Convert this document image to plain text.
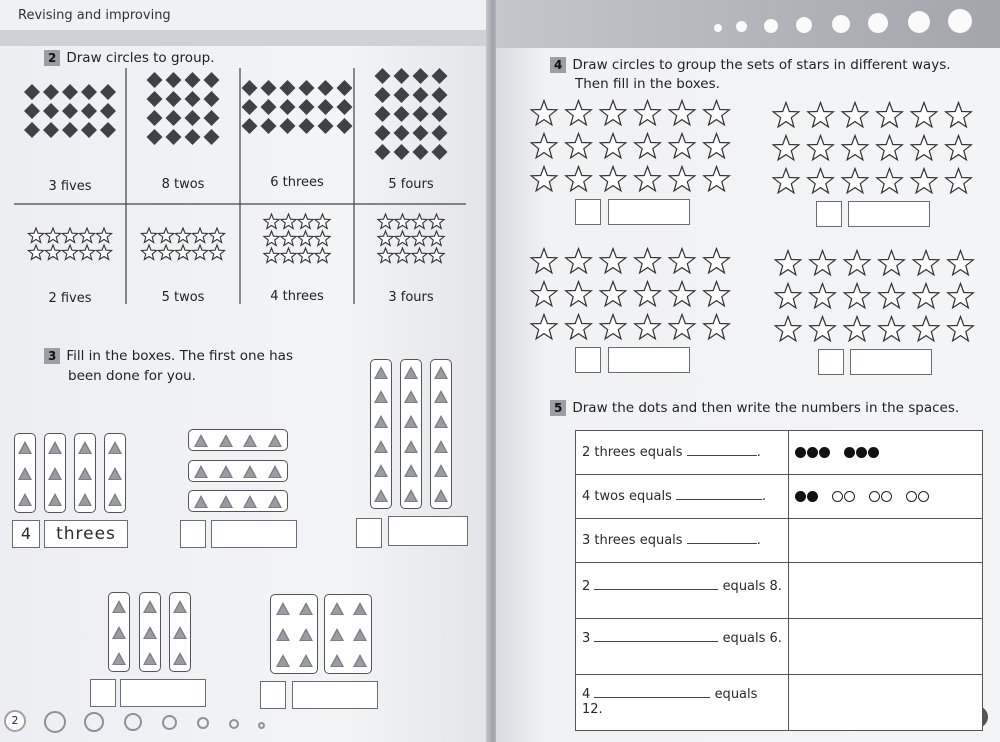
Revising and improving
2 Draw circles to group.
3 fives	8 twos	6 threes	5 fours
2 fives	5 twos	4 threes	3 fours
3 Fill in the boxes. The first one has
been done for you.
4	threes
2
4 Draw circles to group the sets of stars in different ways.
Then fill in the boxes.
5 Draw the dots and then write the numbers in the spaces.
2 threes equals .	

4 twos equals .	

3 threes equals .	
2 equals 8.	
3 equals 6.	
4 equals 12.	
